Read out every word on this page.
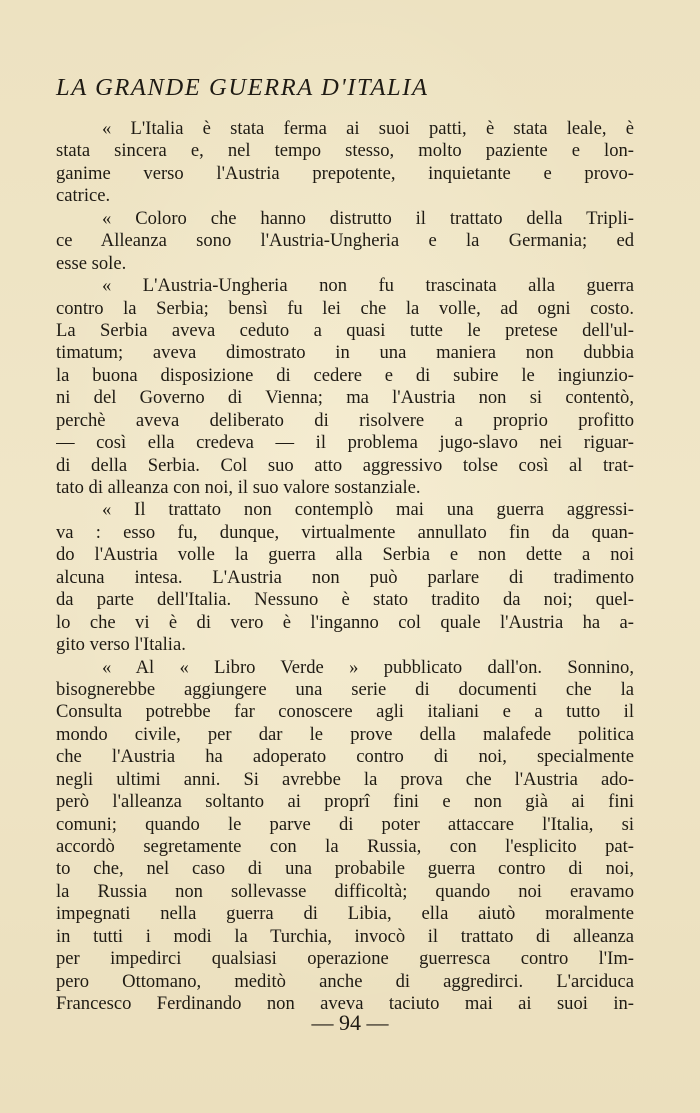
LA GRANDE GUERRA D'ITALIA
« L'Italia è stata ferma ai suoi patti, è stata leale, è
stata sincera e, nel tempo stesso, molto paziente e lon-
ganime verso l'Austria prepotente, inquietante e provo-
catrice.
« Coloro che hanno distrutto il trattato della Tripli-
ce Alleanza sono l'Austria-Ungheria e la Germania; ed
esse sole.
« L'Austria-Ungheria non fu trascinata alla guerra
contro la Serbia; bensì fu lei che la volle, ad ogni costo.
La Serbia aveva ceduto a quasi tutte le pretese dell'ul-
timatum; aveva dimostrato in una maniera non dubbia
la buona disposizione di cedere e di subire le ingiunzio-
ni del Governo di Vienna; ma l'Austria non si contentò,
perchè aveva deliberato di risolvere a proprio profitto
— così ella credeva — il problema jugo-slavo nei riguar-
di della Serbia. Col suo atto aggressivo tolse così al trat-
tato di alleanza con noi, il suo valore sostanziale.
« Il trattato non contemplò mai una guerra aggressi-
va : esso fu, dunque, virtualmente annullato fin da quan-
do l'Austria volle la guerra alla Serbia e non dette a noi
alcuna intesa. L'Austria non può parlare di tradimento
da parte dell'Italia. Nessuno è stato tradito da noi; quel-
lo che vi è di vero è l'inganno col quale l'Austria ha a-
gito verso l'Italia.
« Al « Libro Verde » pubblicato dall'on. Sonnino,
bisognerebbe aggiungere una serie di documenti che la
Consulta potrebbe far conoscere agli italiani e a tutto il
mondo civile, per dar le prove della malafede politica
che l'Austria ha adoperato contro di noi, specialmente
negli ultimi anni. Si avrebbe la prova che l'Austria ado-
però l'alleanza soltanto ai proprî fini e non già ai fini
comuni; quando le parve di poter attaccare l'Italia, si
accordò segretamente con la Russia, con l'esplicito pat-
to che, nel caso di una probabile guerra contro di noi,
la Russia non sollevasse difficoltà; quando noi eravamo
impegnati nella guerra di Libia, ella aiutò moralmente
in tutti i modi la Turchia, invocò il trattato di alleanza
per impedirci qualsiasi operazione guerresca contro l'Im-
pero Ottomano, meditò anche di aggredirci. L'arciduca
Francesco Ferdinando non aveva taciuto mai ai suoi in-
— 94 —
